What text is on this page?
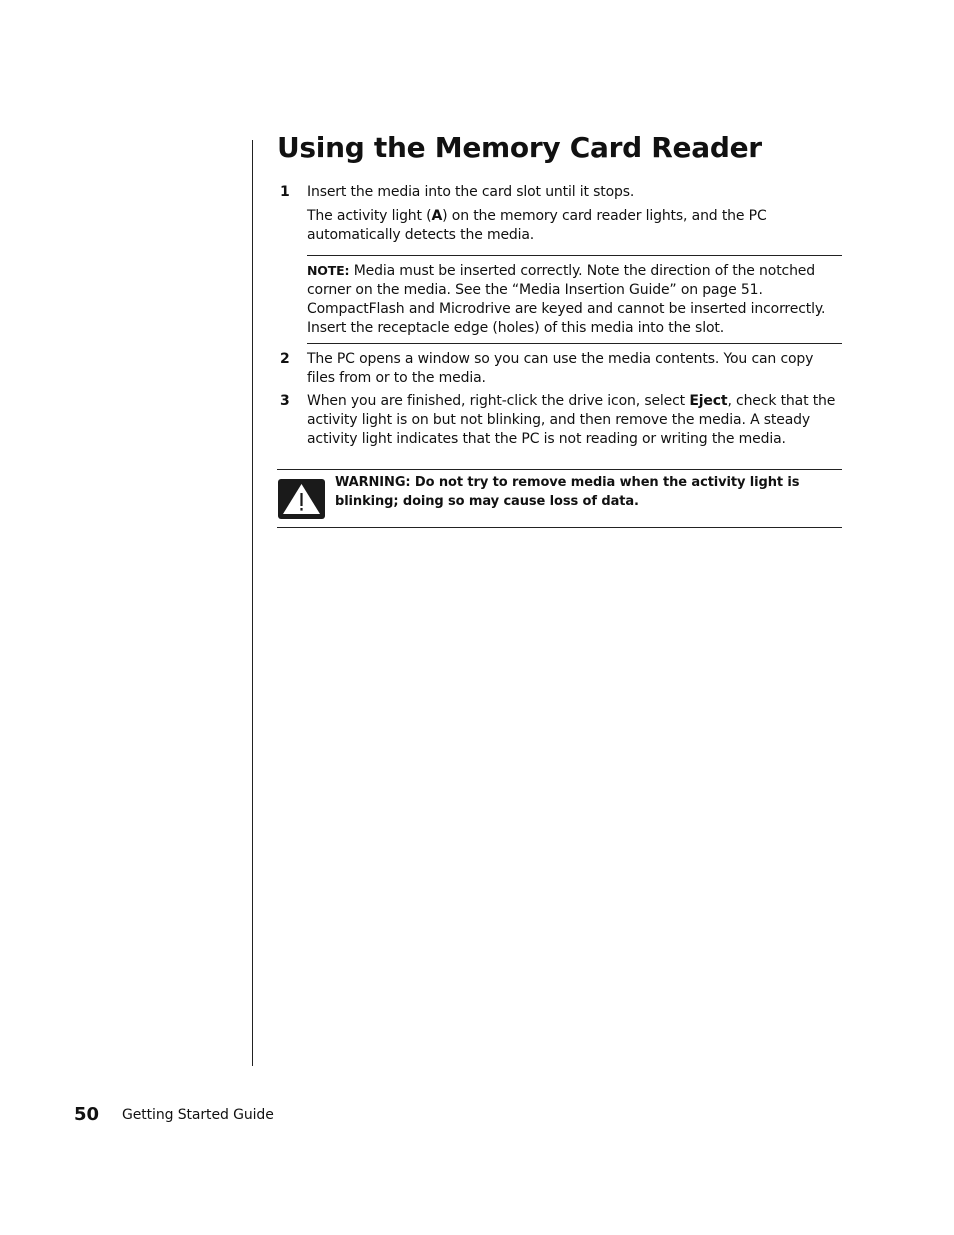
Using the Memory Card Reader
1	Insert the media into the card slot until it stops.
The activity light (A) on the memory card reader lights, and the PC automatically detects the media.
NOTE: Media must be inserted correctly. Note the direction of the notched corner on the media. See the “Media Insertion Guide” on page 51. CompactFlash and Microdrive are keyed and cannot be inserted incorrectly. Insert the receptacle edge (holes) of this media into the slot.
2	The PC opens a window so you can use the media contents. You can copy files from or to the media.
3	When you are finished, right-click the drive icon, select Eject, check that the activity light is on but not blinking, and then remove the media. A steady activity light indicates that the PC is not reading or writing the media.
WARNING: Do not try to remove media when the activity light is blinking; doing so may cause loss of data.
50 Getting Started Guide
